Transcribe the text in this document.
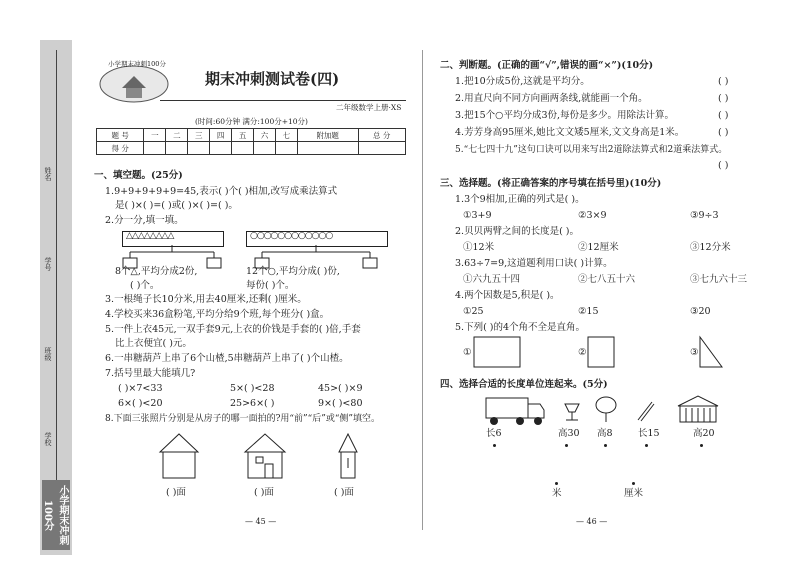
姓名
学号
班级
学校
小学期末冲刺100分
小学期末冲刺100分
期末冲刺测试卷(四)
二年级数学上册·XS
(时间:60分钟 满分:100分+10分)
题 号	一	二	三	四	五	六	七	附加题	总 分
得 分									
一、填空题。(25分)
1.9+9+9+9+9=45,表示( )个( )相加,改写成乘法算式
是( )×( )=( )或( )×( )=( )。
2.分一分,填一填。
△△△△△△△△	○○○○○○○○○○○○
8个△,平均分成2份,
( )个。
12个○,平均分成( )份,
每份( )个。
3.一根绳子长10分米,用去40厘米,还剩( )厘米。
4.学校买来36盒粉笔,平均分给9个班,每个班分( )盒。
5.一件上衣45元,一双手套9元,上衣的价钱是手套的( )倍,手套
比上衣便宜( )元。
6.一串糖葫芦上串了6个山楂,5串糖葫芦上串了( )个山楂。
7.括号里最大能填几?
( )×7<33	5×( )<28	45>( )×9
6×( )<20	25>6×( )	9×( )<80
8.下面三张照片分别是从房子的哪一面拍的?用“前”“后”或“侧”填空。
( )面	( )面	( )面
— 45 —
二、判断题。(正确的画“√”,错误的画“×”)(10分)
1.把10分成5份,这就是平均分。	( )
2.用直尺向不同方向画两条线,就能画一个角。	( )
3.把15个○平均分成3份,每份是多少。用除法计算。	( )
4.芳芳身高95厘米,她比文文矮5厘米,文文身高是1米。	( )
5.“七七四十九”这句口诀可以用来写出2道除法算式和2道乘法算式。
( )
三、选择题。(将正确答案的序号填在括号里)(10分)
1.3个9相加,正确的列式是( )。
①3+9	②3×9	③9÷3
2.贝贝两臂之间的长度是( )。
①12米	②12厘米	③12分米
3.63÷7=9,这道题利用口诀( )计算。
①六九五十四	②七八五十六	③七九六十三
4.两个因数是5,积是( )。
①25	②15	③20
5.下列( )的4个角不全是直角。
①	②	③
四、选择合适的长度单位连起来。(5分)
长6	高30 高8	长15	高20
米	厘米
— 46 —
